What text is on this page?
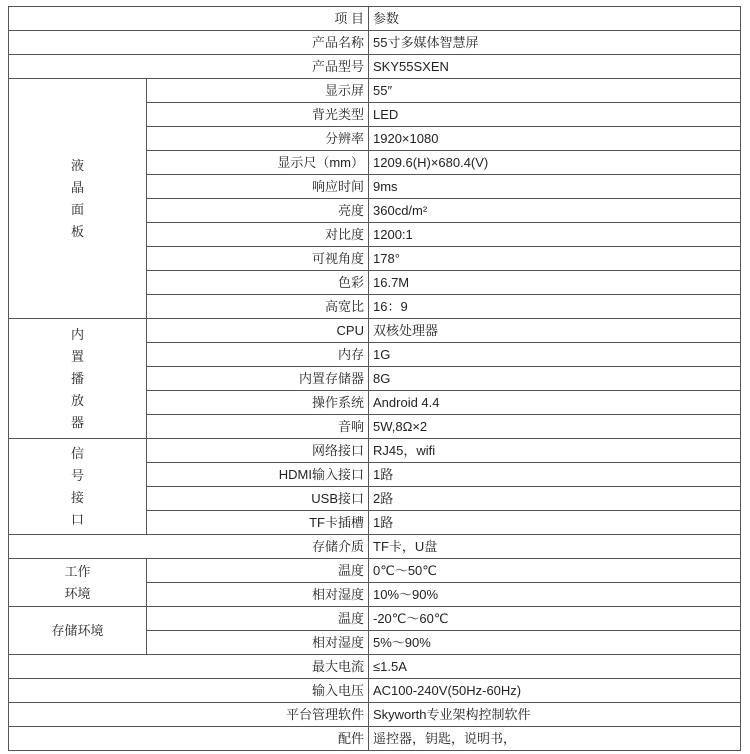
项 目		参数
产品名称		55寸多媒体智慧屏
产品型号		SKY55SXEN

液
晶
面
板	显示屏	55″
	背光类型	LED
	分辨率	1920×1080
	显示尺（mm）	1209.6(H)×680.4(V)
	响应时间	9ms
	亮度	360cd/m²
	对比度	1200:1
	可视角度	178°
	色彩	16.7M
	高宽比	16：9

内
置
播
放
器	CPU	双核处理器
	内存	1G
	内置存储器	8G
	操作系统	Android 4.4
	音响	5W,8Ω×2

信
号
接
口	网络接口	RJ45，wifi
	HDMI输入接口	1路
	USB接口	2路
	TF卡插槽	1路
存储介质		TF卡，U盘

工作
环境	温度	0℃～50℃
	相对湿度	10%～90%
存储环境	温度	-20℃～60℃
	相对湿度	5%～90%
最大电流		≤1.5A
输入电压		AC100-240V(50Hz-60Hz)
平台管理软件		Skyworth专业架构控制软件
配件		遥控器，钥匙，说明书，
